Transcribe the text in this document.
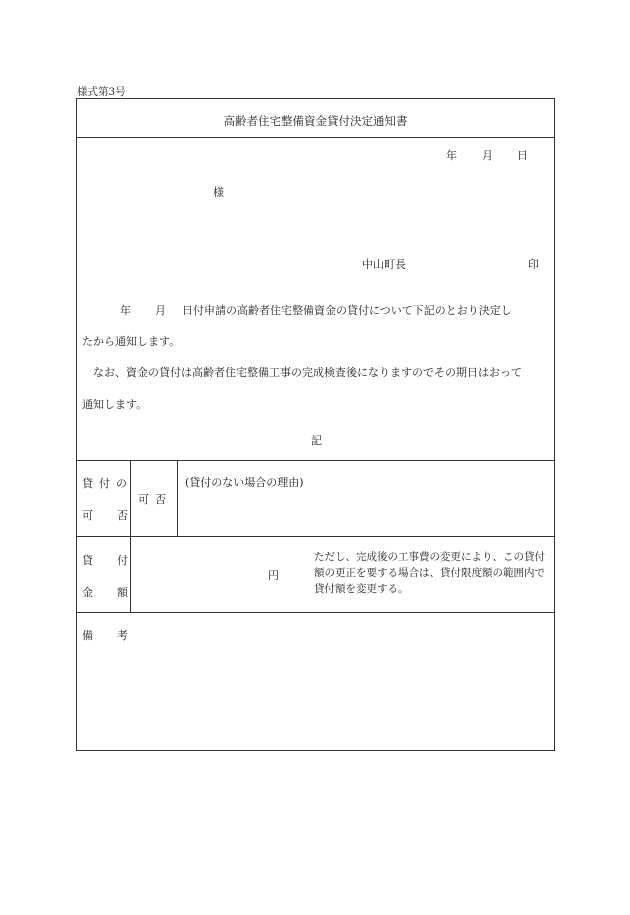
様式第3号
高齢者住宅整備資金貸付決定通知書
年 月 日
様
中山町長	印
年 月 日付申請の高齢者住宅整備資金の貸付について下記のとおり決定し
たから通知します。
なお、資金の貸付は高齢者住宅整備工事の完成検査後になりますのでその期日はおって
通知します。
記
貸付の
可否
可否
(貸付のない場合の理由)
貸付
金額
円
ただし、完成後の工事費の変更により、この貸付額の更正を要する場合は、貸付限度額の範囲内で貸付額を変更する。
備考
